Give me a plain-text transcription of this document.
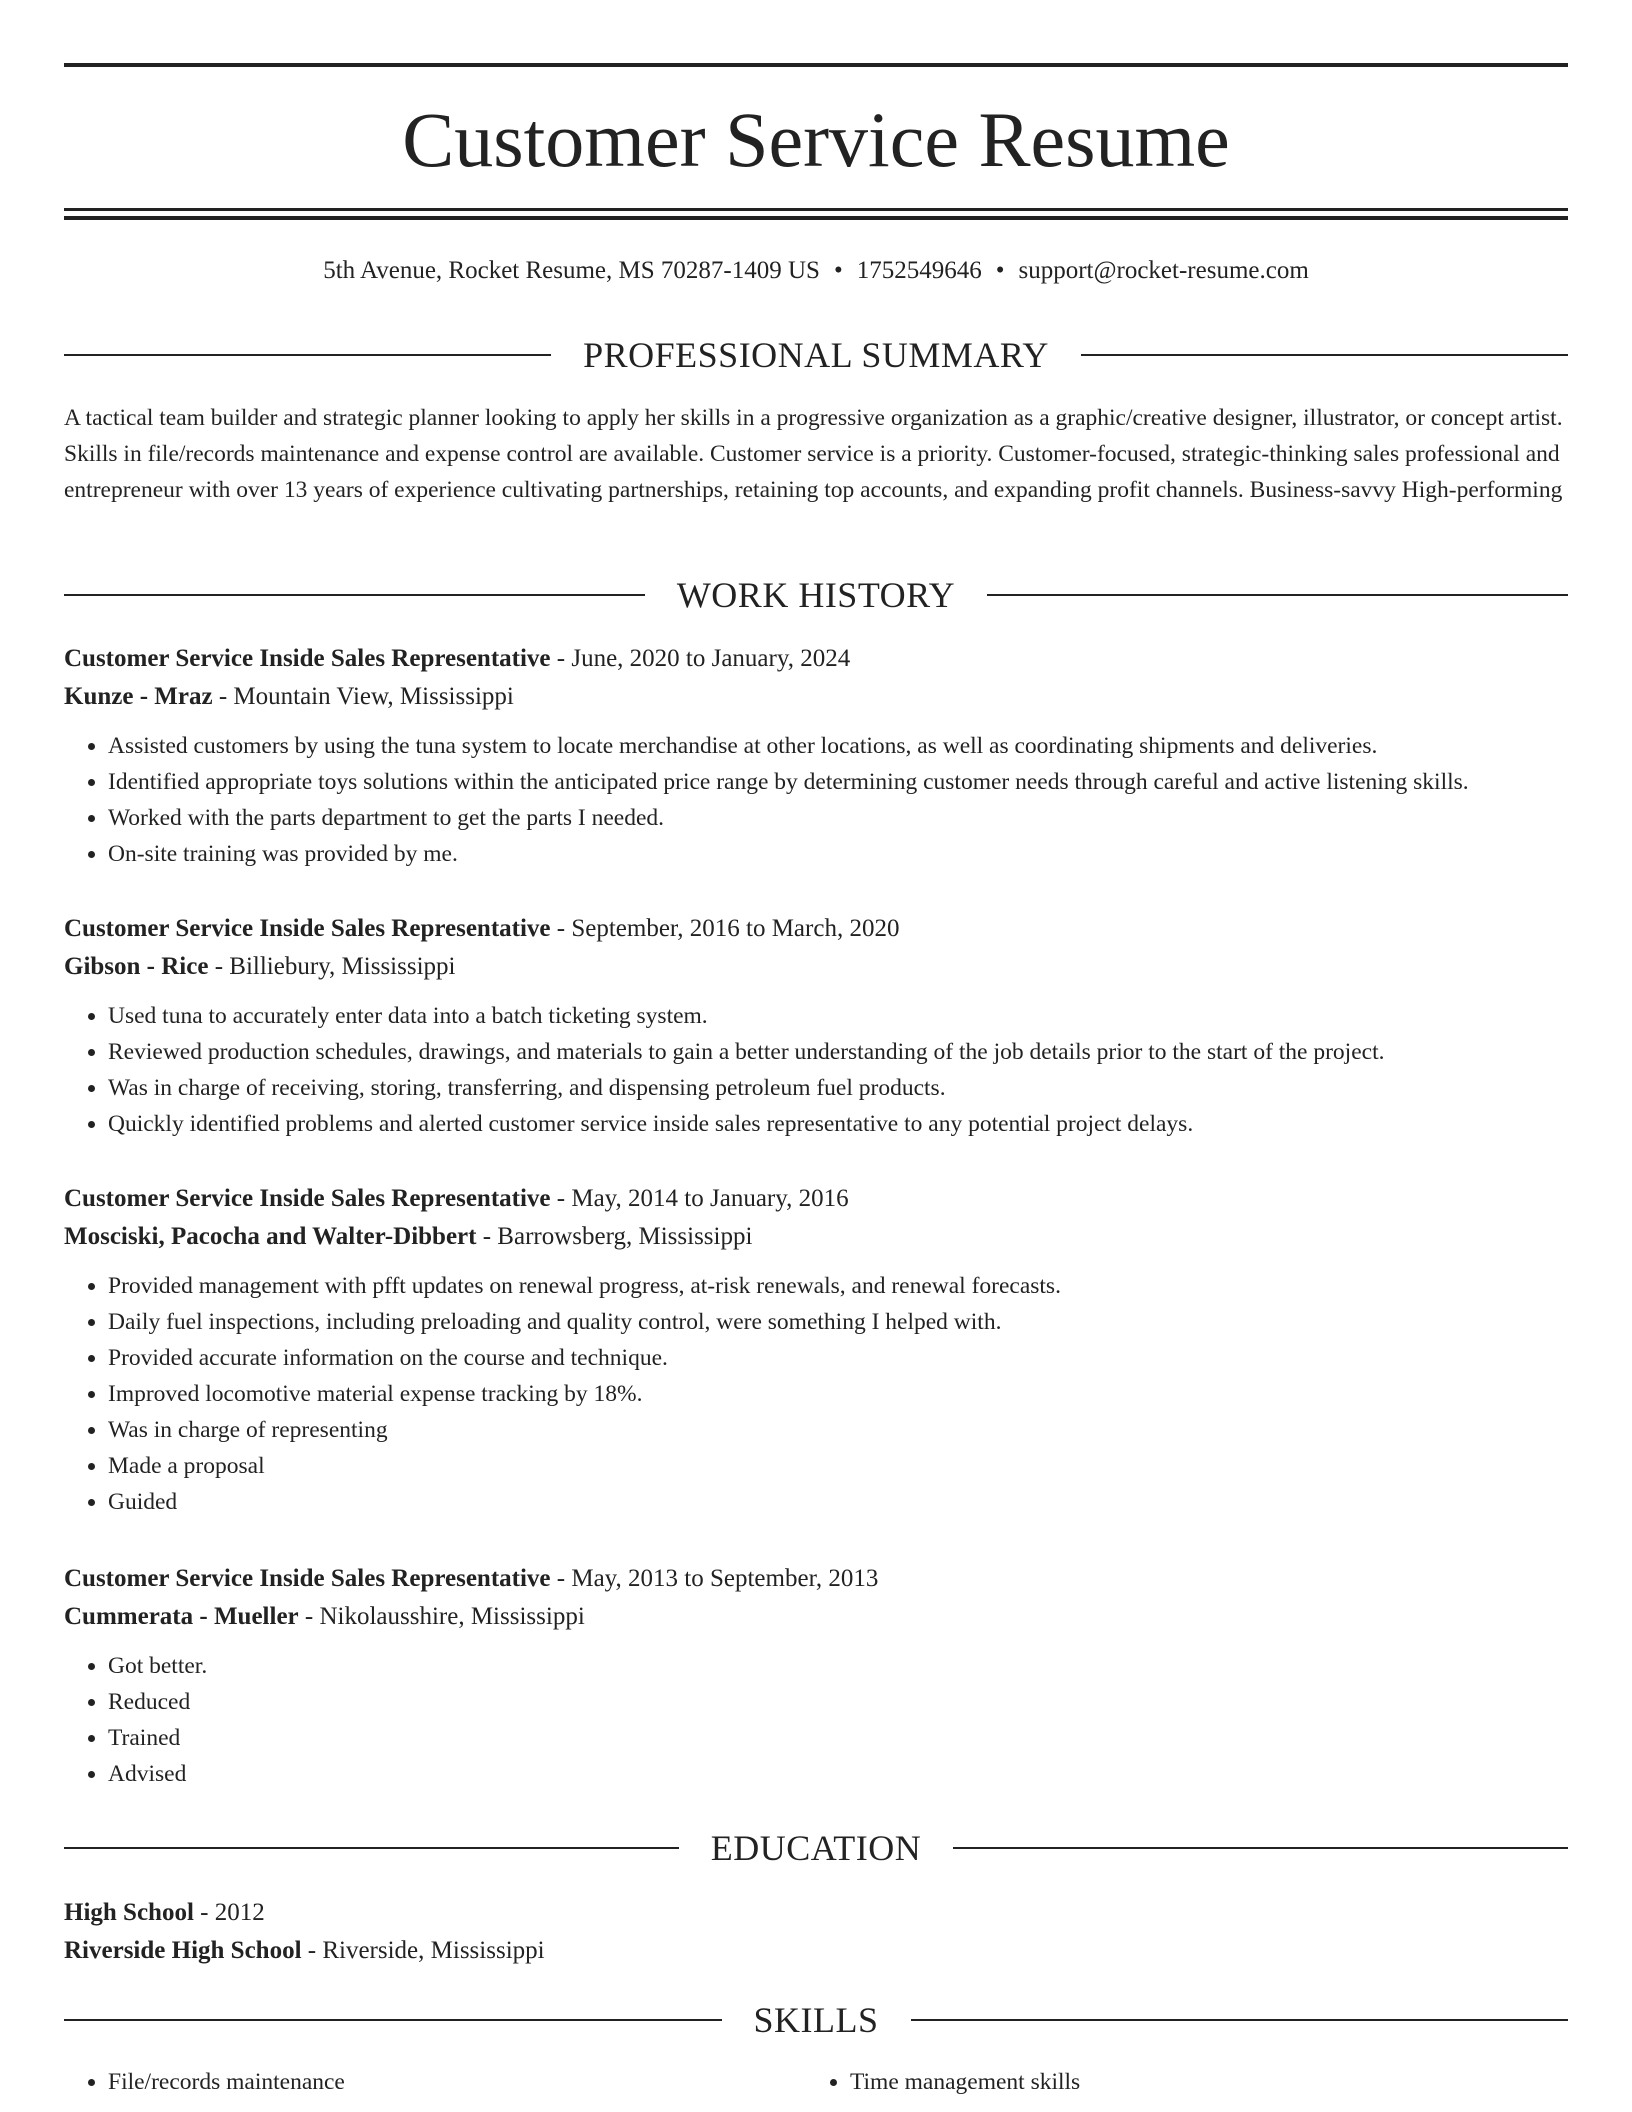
Customer Service Resume
5th Avenue, Rocket Resume, MS 70287-1409 US • 1752549646 • support@rocket-resume.com
PROFESSIONAL SUMMARY

A tactical team builder and strategic planner looking to apply her skills in a progressive organization as a graphic/creative designer, illustrator, or concept artist. Skills in file/records maintenance and expense control are available. Customer service is a priority. Customer-focused, strategic-thinking sales professional and entrepreneur with over 13 years of experience cultivating partnerships, retaining top accounts, and expanding profit channels. Business-savvy High-performing

WORK HISTORY
Customer Service Inside Sales Representative - June, 2020 to January, 2024
Kunze - Mraz - Mountain View, Mississippi
• Assisted customers by using the tuna system to locate merchandise at other locations, as well as coordinating shipments and deliveries.
• Identified appropriate toys solutions within the anticipated price range by determining customer needs through careful and active listening skills.
• Worked with the parts department to get the parts I needed.
• On-site training was provided by me.
Customer Service Inside Sales Representative - September, 2016 to March, 2020
Gibson - Rice - Billiebury, Mississippi
• Used tuna to accurately enter data into a batch ticketing system.
• Reviewed production schedules, drawings, and materials to gain a better understanding of the job details prior to the start of the project.
• Was in charge of receiving, storing, transferring, and dispensing petroleum fuel products.
• Quickly identified problems and alerted customer service inside sales representative to any potential project delays.
Customer Service Inside Sales Representative - May, 2014 to January, 2016
Mosciski, Pacocha and Walter-Dibbert - Barrowsberg, Mississippi
• Provided management with pfft updates on renewal progress, at-risk renewals, and renewal forecasts.
• Daily fuel inspections, including preloading and quality control, were something I helped with.
• Provided accurate information on the course and technique.
• Improved locomotive material expense tracking by 18%.
• Was in charge of representing
• Made a proposal
• Guided
Customer Service Inside Sales Representative - May, 2013 to September, 2013
Cummerata - Mueller - Nikolausshire, Mississippi
• Got better.
• Reduced
• Trained
• Advised
EDUCATION
High School - 2012
Riverside High School - Riverside, Mississippi
SKILLS
• File/records maintenance
•	Time management skills
